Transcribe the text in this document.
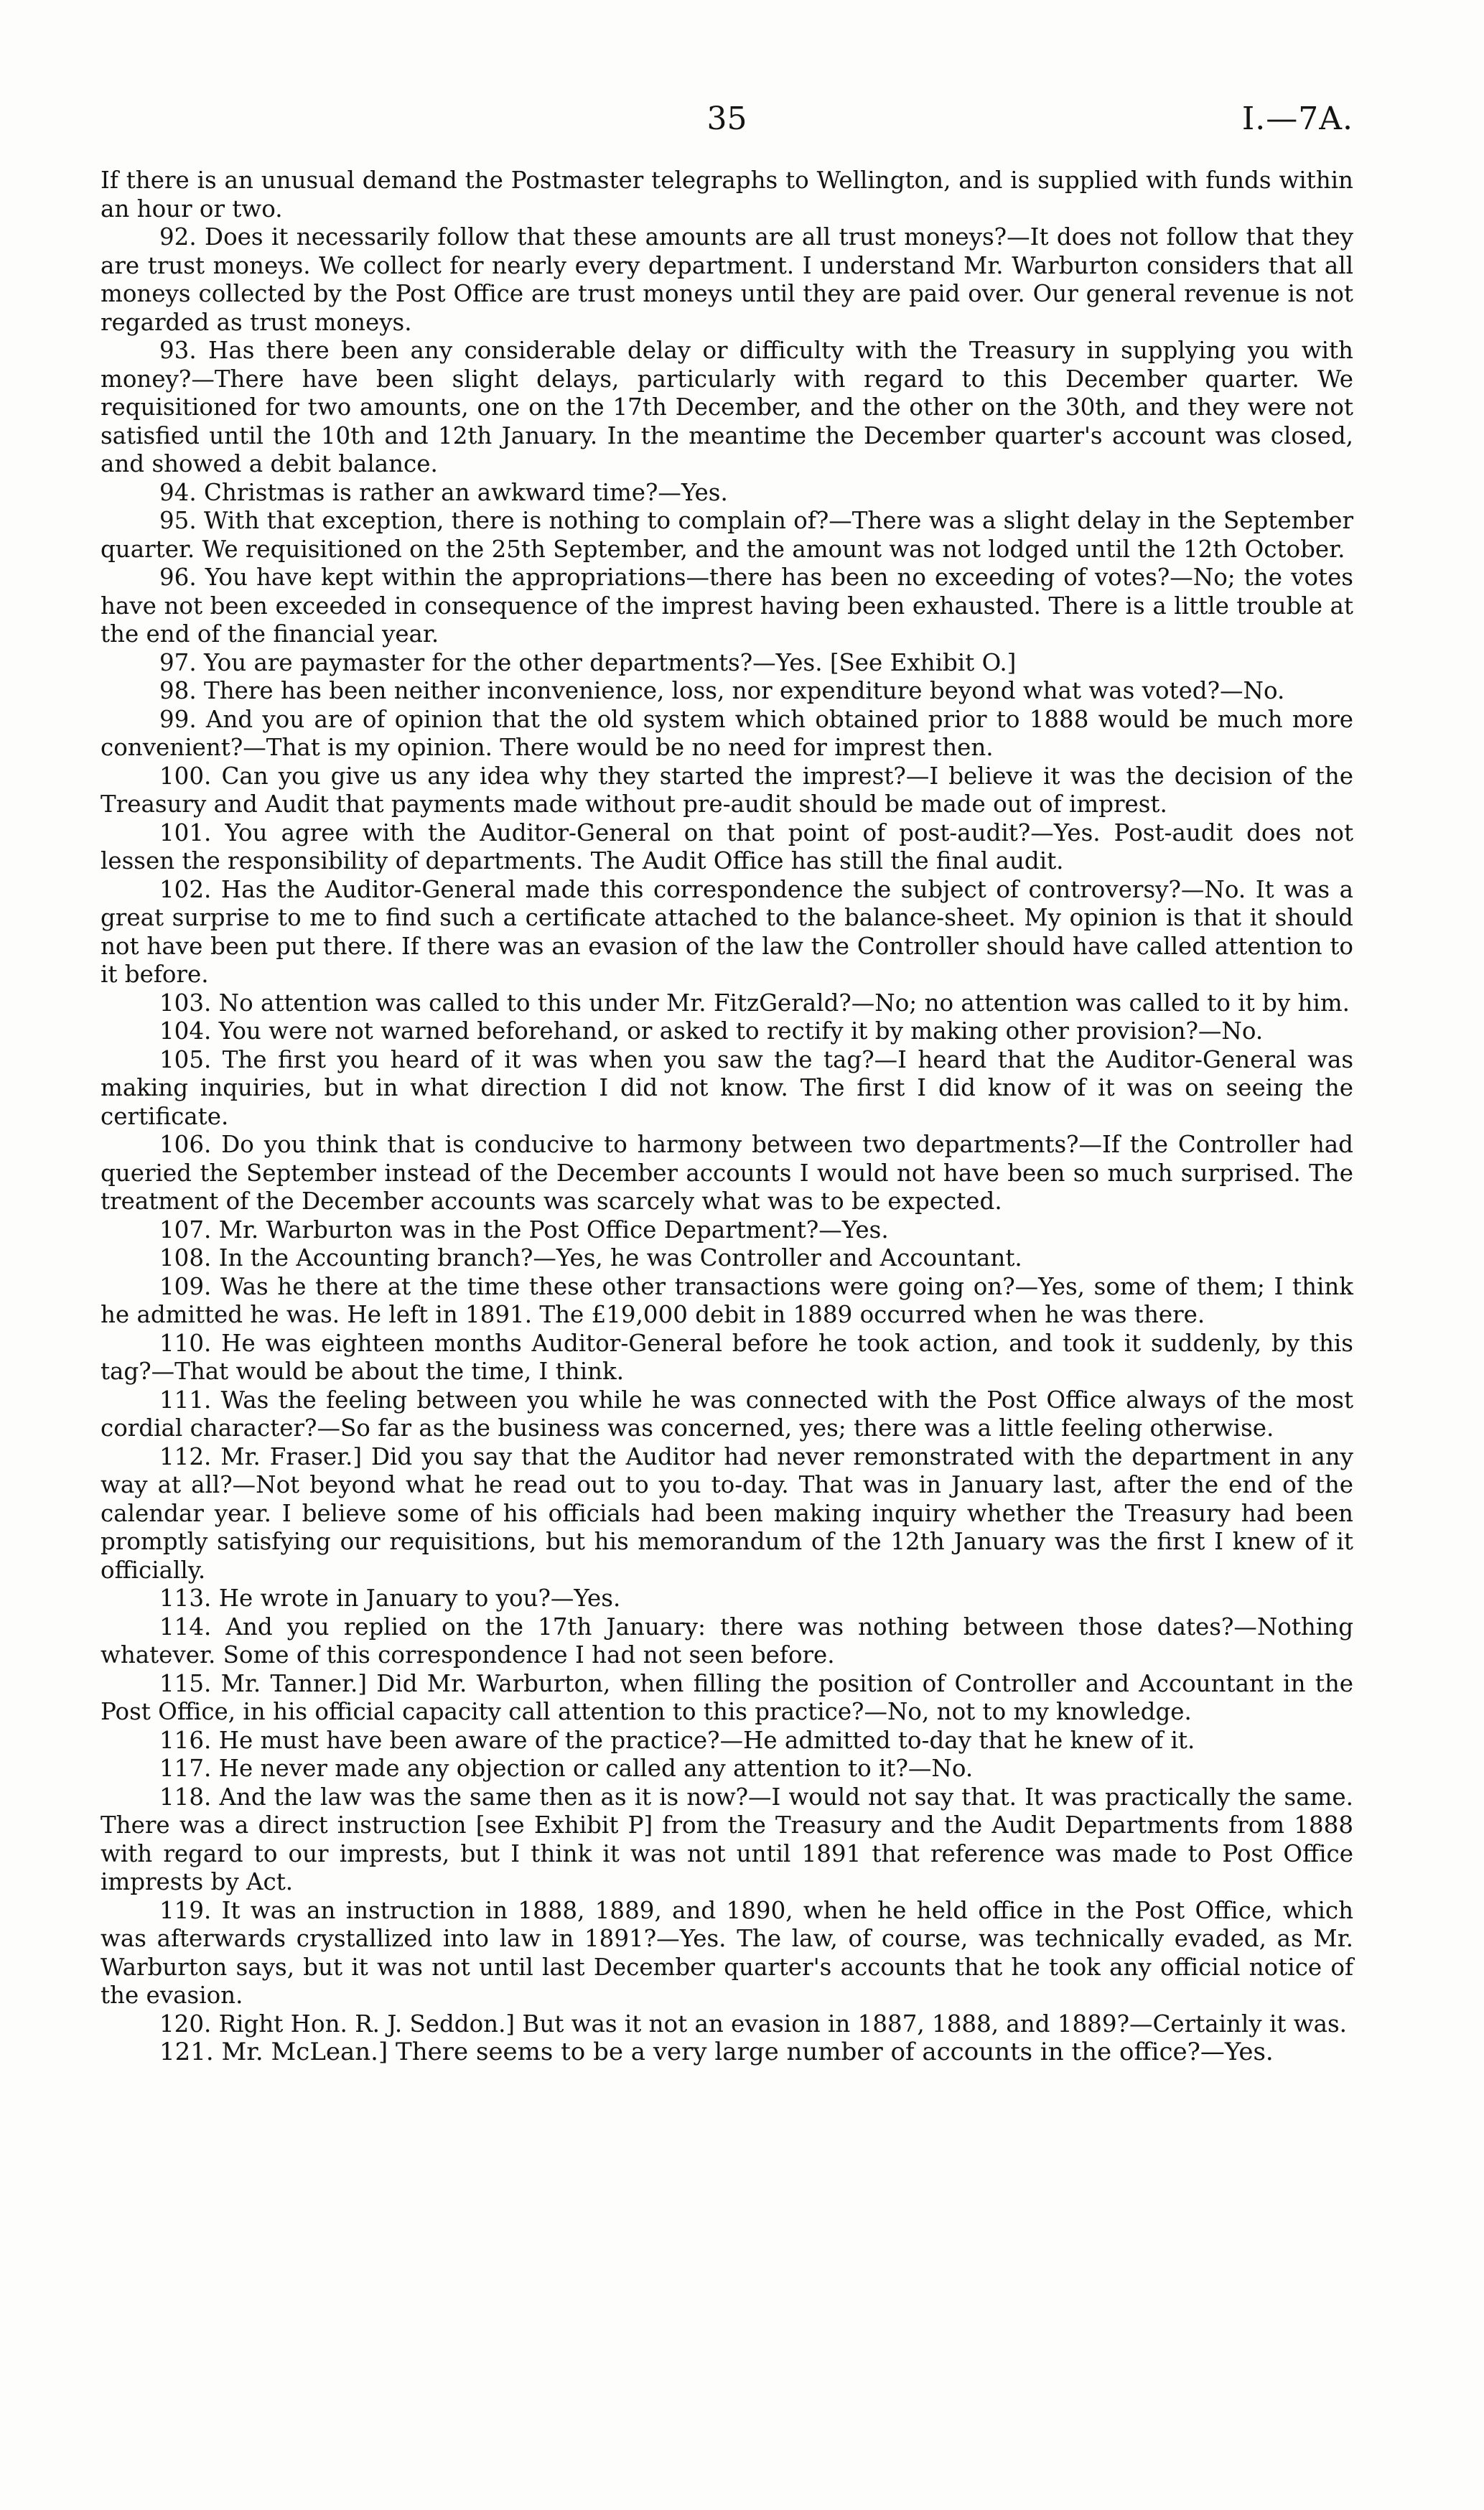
35	I.—7A.

If there is an unusual demand the Postmaster telegraphs to Wellington, and is supplied with funds within an hour or two.

92. Does it necessarily follow that these amounts are all trust moneys?—It does not follow that they are trust moneys. We collect for nearly every department. I understand Mr. Warburton considers that all moneys collected by the Post Office are trust moneys until they are paid over. Our general revenue is not regarded as trust moneys.

93. Has there been any considerable delay or difficulty with the Treasury in supplying you with money?—There have been slight delays, particularly with regard to this December quarter. We requisitioned for two amounts, one on the 17th December, and the other on the 30th, and they were not satisfied until the 10th and 12th January. In the meantime the December quarter's account was closed, and showed a debit balance.

94. Christmas is rather an awkward time?—Yes.

95. With that exception, there is nothing to complain of?—There was a slight delay in the September quarter. We requisitioned on the 25th September, and the amount was not lodged until the 12th October.

96. You have kept within the appropriations—there has been no exceeding of votes?—No; the votes have not been exceeded in consequence of the imprest having been exhausted. There is a little trouble at the end of the financial year.

97. You are paymaster for the other departments?—Yes. [See Exhibit O.]

98. There has been neither inconvenience, loss, nor expenditure beyond what was voted?—No.

99. And you are of opinion that the old system which obtained prior to 1888 would be much more convenient?—That is my opinion. There would be no need for imprest then.

100. Can you give us any idea why they started the imprest?—I believe it was the decision of the Treasury and Audit that payments made without pre-audit should be made out of imprest.

101. You agree with the Auditor-General on that point of post-audit?—Yes. Post-audit does not lessen the responsibility of departments. The Audit Office has still the final audit.

102. Has the Auditor-General made this correspondence the subject of controversy?—No. It was a great surprise to me to find such a certificate attached to the balance-sheet. My opinion is that it should not have been put there. If there was an evasion of the law the Controller should have called attention to it before.

103. No attention was called to this under Mr. FitzGerald?—No; no attention was called to it by him.

104. You were not warned beforehand, or asked to rectify it by making other provision?—No.

105. The first you heard of it was when you saw the tag?—I heard that the Auditor-General was making inquiries, but in what direction I did not know. The first I did know of it was on seeing the certificate.

106. Do you think that is conducive to harmony between two departments?—If the Controller had queried the September instead of the December accounts I would not have been so much surprised. The treatment of the December accounts was scarcely what was to be expected.

107. Mr. Warburton was in the Post Office Department?—Yes.

108. In the Accounting branch?—Yes, he was Controller and Accountant.

109. Was he there at the time these other transactions were going on?—Yes, some of them; I think he admitted he was. He left in 1891. The £19,000 debit in 1889 occurred when he was there.

110. He was eighteen months Auditor-General before he took action, and took it suddenly, by this tag?—That would be about the time, I think.

111. Was the feeling between you while he was connected with the Post Office always of the most cordial character?—So far as the business was concerned, yes; there was a little feeling otherwise.

112. Mr. Fraser.] Did you say that the Auditor had never remonstrated with the department in any way at all?—Not beyond what he read out to you to-day. That was in January last, after the end of the calendar year. I believe some of his officials had been making inquiry whether the Treasury had been promptly satisfying our requisitions, but his memorandum of the 12th January was the first I knew of it officially.

113. He wrote in January to you?—Yes.

114. And you replied on the 17th January: there was nothing between those dates?—Nothing whatever. Some of this correspondence I had not seen before.

115. Mr. Tanner.] Did Mr. Warburton, when filling the position of Controller and Accountant in the Post Office, in his official capacity call attention to this practice?—No, not to my knowledge.

116. He must have been aware of the practice?—He admitted to-day that he knew of it.

117. He never made any objection or called any attention to it?—No.

118. And the law was the same then as it is now?—I would not say that. It was practically the same. There was a direct instruction [see Exhibit P] from the Treasury and the Audit Departments from 1888 with regard to our imprests, but I think it was not until 1891 that reference was made to Post Office imprests by Act.

119. It was an instruction in 1888, 1889, and 1890, when he held office in the Post Office, which was afterwards crystallized into law in 1891?—Yes. The law, of course, was technically evaded, as Mr. Warburton says, but it was not until last December quarter's accounts that he took any official notice of the evasion.

120. Right Hon. R. J. Seddon.] But was it not an evasion in 1887, 1888, and 1889?—Certainly it was.

121. Mr. McLean.] There seems to be a very large number of accounts in the office?—Yes.
